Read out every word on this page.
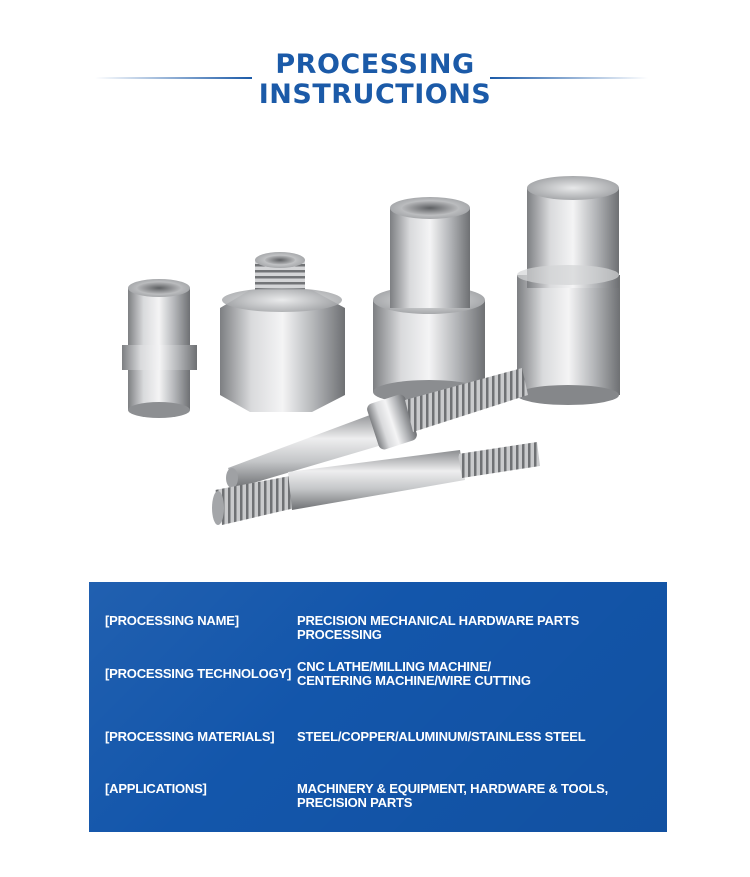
PROCESSING
INSTRUCTIONS
[PROCESSING NAME]	PRECISION MECHANICAL HARDWARE PARTS PROCESSING
[PROCESSING TECHNOLOGY] CNC LATHE/MILLING MACHINE/
CENTERING MACHINE/WIRE CUTTING
[PROCESSING MATERIALS] STEEL/COPPER/ALUMINUM/STAINLESS STEEL
[APPLICATIONS]	MACHINERY & EQUIPMENT, HARDWARE & TOOLS,
PRECISION PARTS
